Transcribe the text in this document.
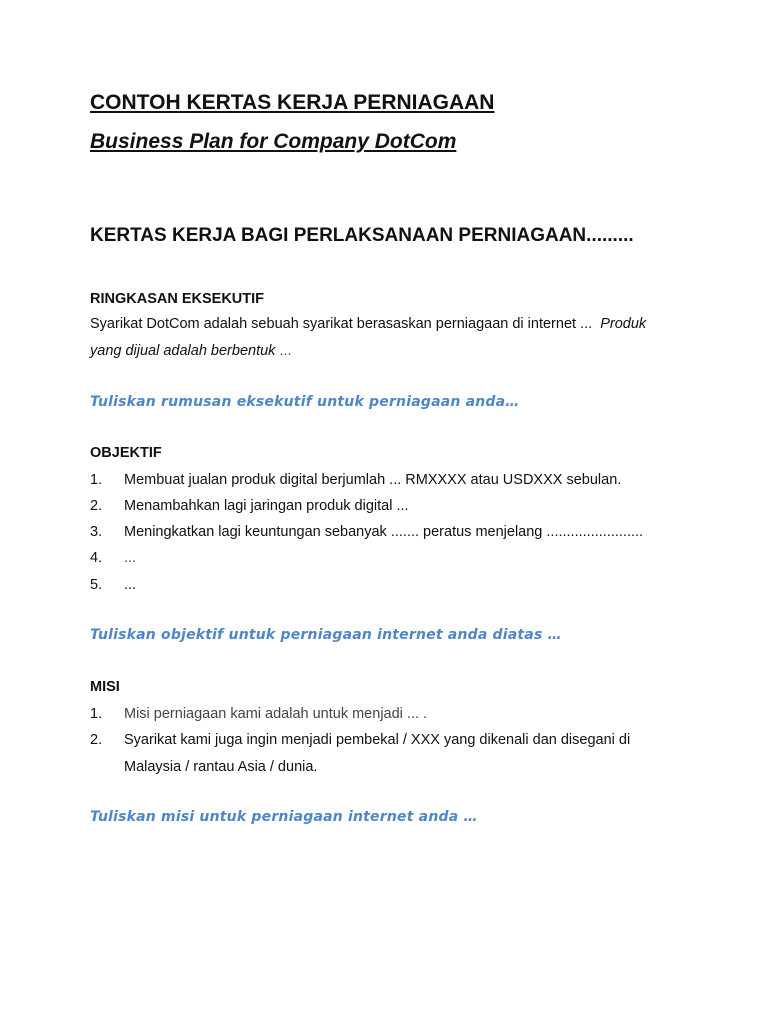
CONTOH KERTAS KERJA PERNIAGAAN
Business Plan for Company DotCom
KERTAS KERJA BAGI PERLAKSANAAN PERNIAGAAN.........
RINGKASAN EKSEKUTIF
Syarikat DotCom adalah sebuah syarikat berasaskan perniagaan di internet ... Produk
yang dijual adalah berbentuk ...
Tuliskan rumusan eksekutif untuk perniagaan anda…
OBJEKTIF
1. Membuat jualan produk digital berjumlah ... RMXXXX atau USDXXX sebulan.
2. Menambahkan lagi jaringan produk digital ...
3. Meningkatkan lagi keuntungan sebanyak ....... peratus menjelang ........................
4. ...
5. ...
Tuliskan objektif untuk perniagaan internet anda diatas …
MISI
1. Misi perniagaan kami adalah untuk menjadi ... .
2. Syarikat kami juga ingin menjadi pembekal / XXX yang dikenali dan disegani di
Malaysia / rantau Asia / dunia.
Tuliskan misi untuk perniagaan internet anda …
